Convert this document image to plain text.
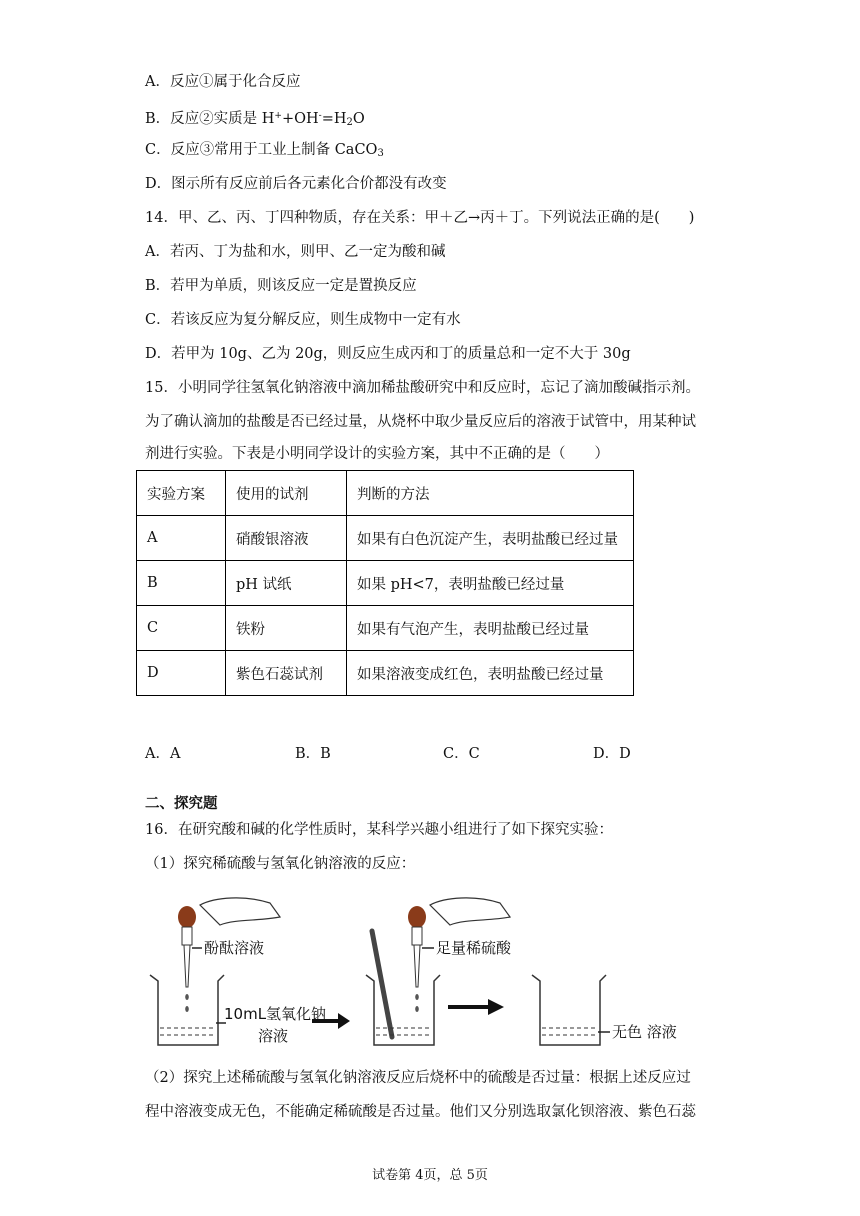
A．反应①属于化合反应
B．反应②实质是 $H^++OH^-=H_2O$
C．反应③常用于工业上制备 CaCO$_3$
D．图示所有反应前后各元素化合价都没有改变
14．甲、乙、丙、丁四种物质，存在关系：甲＋乙→丙＋丁。下列说法正确的是(　　)
A．若丙、丁为盐和水，则甲、乙一定为酸和碱
B．若甲为单质，则该反应一定是置换反应
C．若该反应为复分解反应，则生成物中一定有水
D．若甲为 10g、乙为 20g，则反应生成丙和丁的质量总和一定不大于 30g
15．小明同学往氢氧化钠溶液中滴加稀盐酸研究中和反应时，忘记了滴加酸碱指示剂。
为了确认滴加的盐酸是否已经过量，从烧杯中取少量反应后的溶液于试管中，用某种试
剂进行实验。下表是小明同学设计的实验方案，其中不正确的是（　　）
实验方案	使用的试剂	判断的方法
A	硝酸银溶液	如果有白色沉淀产生，表明盐酸已经过量
B	pH 试纸	如果 pH<7，表明盐酸已经过量
C	铁粉	如果有气泡产生，表明盐酸已经过量
D	紫色石蕊试剂	如果溶液变成红色，表明盐酸已经过量
A．A	B．B	C．C	D．D
二、探究题
16．在研究酸和碱的化学性质时，某科学兴趣小组进行了如下探究实验：
（1）探究稀硫酸与氢氧化钠溶液的反应：
酚酞溶液
10mL氢氧化钠
溶液
足量稀硫酸
无色 溶液
（2）探究上述稀硫酸与氢氧化钠溶液反应后烧杯中的硫酸是否过量：根据上述反应过
程中溶液变成无色，不能确定稀硫酸是否过量。他们又分别选取氯化钡溶液、紫色石蕊
试卷第 4页，总 5页
